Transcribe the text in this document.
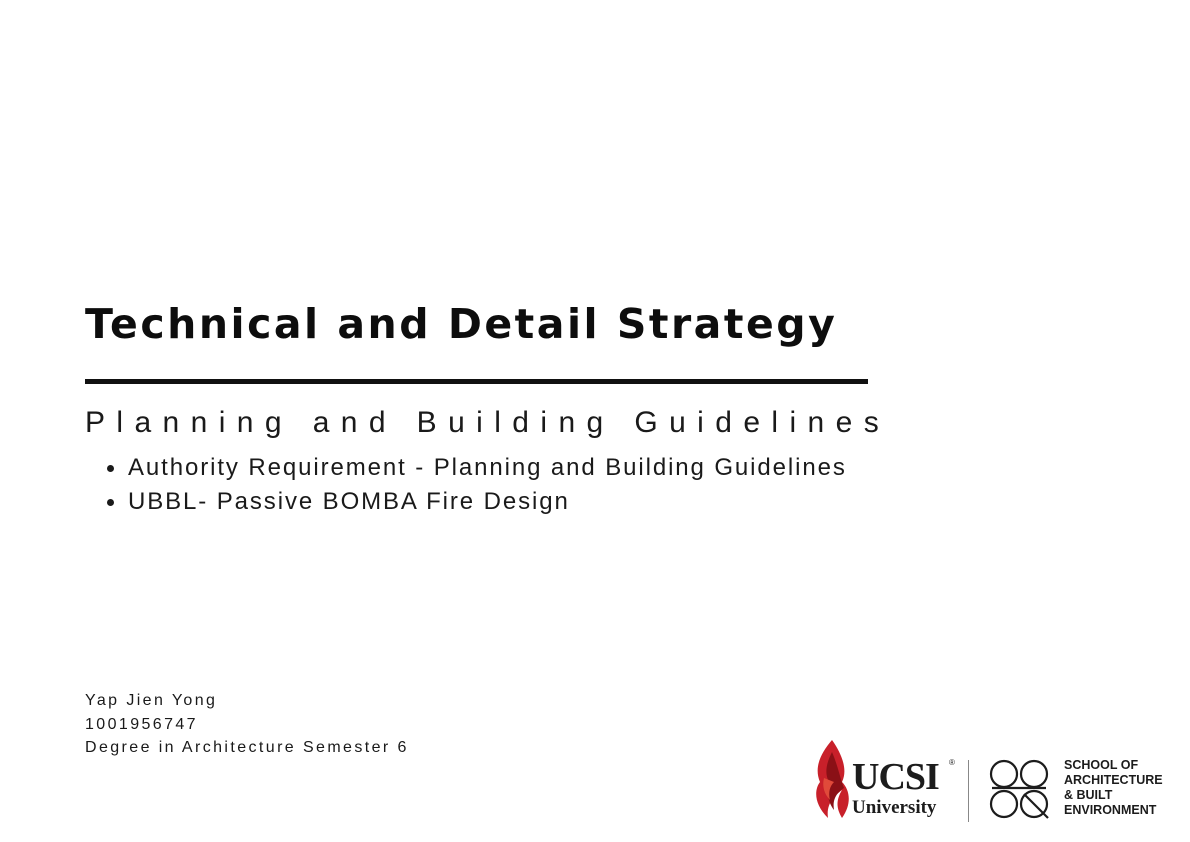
Technical and Detail Strategy
Planning and Building Guidelines
Authority Requirement - Planning and Building Guidelines
UBBL- Passive BOMBA Fire Design
Yap Jien Yong
1001956747
Degree in Architecture Semester 6
UCSI ®
University
SCHOOL OF
ARCHITECTURE
& BUILT
ENVIRONMENT
